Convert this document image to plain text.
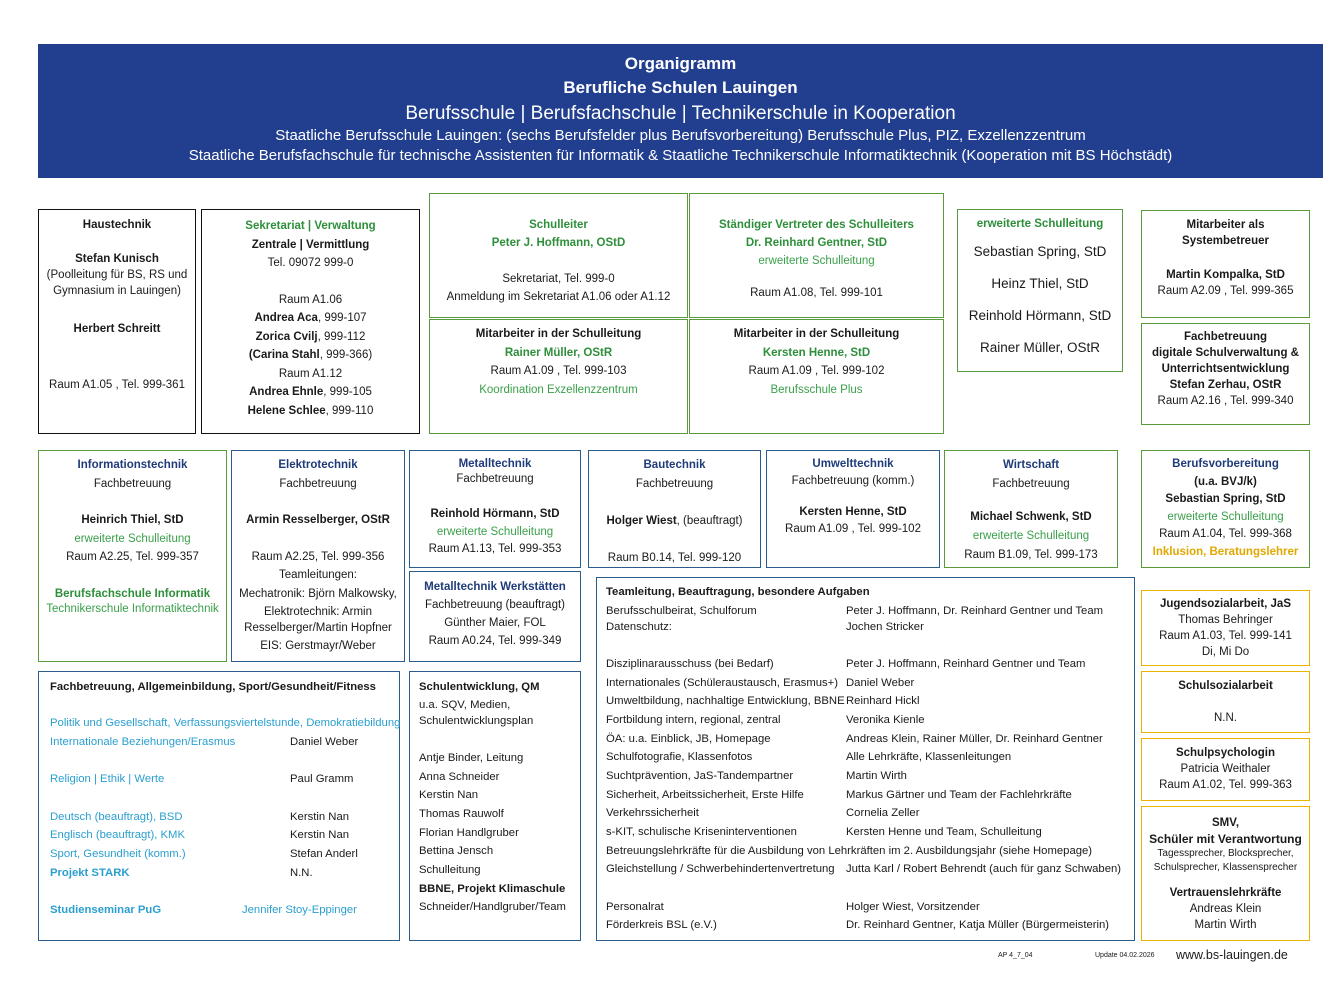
Organigramm
Berufliche Schulen Lauingen
Berufsschule | Berufsfachschule | Technikerschule in Kooperation
Staatliche Berufsschule Lauingen: (sechs Berufsfelder plus Berufsvorbereitung) Berufsschule Plus, PIZ, Exzellenzzentrum
Staatliche Berufsfachschule für technische Assistenten für Informatik & Staatliche Technikerschule Informatiktechnik (Kooperation mit BS Höchstädt)
Haustechnik
Stefan Kunisch
(Poolleitung für BS, RS und
Gymnasium in Lauingen)
Herbert Schreitt
Raum A1.05 , Tel. 999-361
Sekretariat | Verwaltung
Zentrale | Vermittlung
Tel. 09072 999-0
Raum A1.06
Andrea Aca, 999-107
Zorica Cvilj, 999-112
(Carina Stahl, 999-366)
Raum A1.12
Andrea Ehnle, 999-105
Helene Schlee, 999-110
Schulleiter
Peter J. Hoffmann, OStD
Sekretariat, Tel. 999-0
Anmeldung im Sekretariat A1.06 oder A1.12
Ständiger Vertreter des Schulleiters
Dr. Reinhard Gentner, StD
erweiterte Schulleitung
Raum A1.08, Tel. 999-101
Mitarbeiter in der Schulleitung
Rainer Müller, OStR
Raum A1.09 , Tel. 999-103
Koordination Exzellenzzentrum
Mitarbeiter in der Schulleitung
Kersten Henne, StD
Raum A1.09 , Tel. 999-102
Berufsschule Plus
erweiterte Schulleitung
Sebastian Spring, StD
Heinz Thiel, StD
Reinhold Hörmann, StD
Rainer Müller, OStR
Mitarbeiter als
Systembetreuer
Martin Kompalka, StD
Raum A2.09 , Tel. 999-365
Fachbetreuung
digitale Schulverwaltung &
Unterrichtsentwicklung
Stefan Zerhau, OStR
Raum A2.16 , Tel. 999-340
Informationstechnik
Fachbetreuung
Heinrich Thiel, StD
erweiterte Schulleitung
Raum A2.25, Tel. 999-357
Berufsfachschule Informatik
Technikerschule Informatiktechnik
Elektrotechnik
Fachbetreuung
Armin Resselberger, OStR
Raum A2.25, Tel. 999-356
Teamleitungen:
Mechatronik: Björn Malkowsky,
Elektrotechnik: Armin
Resselberger/Martin Hopfner
EIS: Gerstmayr/Weber
Metalltechnik
Fachbetreuung
Reinhold Hörmann, StD
erweiterte Schulleitung
Raum A1.13, Tel. 999-353
Metalltechnik Werkstätten
Fachbetreuung (beauftragt)
Günther Maier, FOL
Raum A0.24, Tel. 999-349
Bautechnik
Fachbetreuung
Holger Wiest, (beauftragt)
Raum B0.14, Tel. 999-120
Umwelttechnik
Fachbetreuung (komm.)
Kersten Henne, StD
Raum A1.09 , Tel. 999-102
Wirtschaft
Fachbetreuung
Michael Schwenk, StD
erweiterte Schulleitung
Raum B1.09, Tel. 999-173
Berufsvorbereitung
(u.a. BVJ/k)
Sebastian Spring, StD
erweiterte Schulleitung
Raum A1.04, Tel. 999-368
Inklusion, Beratungslehrer
Fachbetreuung, Allgemeinbildung, Sport/Gesundheit/Fitness
Politik und Gesellschaft, Verfassungsviertelstunde, Demokratiebildung
Internationale Beziehungen/Erasmus	Daniel Weber
Religion | Ethik | Werte	Paul Gramm
Deutsch (beauftragt), BSD	Kerstin Nan
Englisch (beauftragt), KMK	Kerstin Nan
Sport, Gesundheit (komm.)	Stefan Anderl
Projekt STARK	N.N.
Studienseminar PuG	Jennifer Stoy-Eppinger
Schulentwicklung, QM
u.a. SQV, Medien,
Schulentwicklungsplan
Antje Binder, Leitung
Anna Schneider
Kerstin Nan
Thomas Rauwolf
Florian Handlgruber
Bettina Jensch
Schulleitung
BBNE, Projekt Klimaschule
Schneider/Handlgruber/Team
Teamleitung, Beauftragung, besondere Aufgaben
Berufsschulbeirat, Schulforum	Peter J. Hoffmann, Dr. Reinhard Gentner und Team
Datenschutz:	Jochen Stricker
Disziplinarausschuss (bei Bedarf)	Peter J. Hoffmann, Reinhard Gentner und Team
Internationales (Schüleraustausch, Erasmus+) Daniel Weber
Umweltbildung, nachhaltige Entwicklung, BBNE Reinhard Hickl
Fortbildung intern, regional, zentral	Veronika Kienle
ÖA: u.a. Einblick, JB, Homepage	Andreas Klein, Rainer Müller, Dr. Reinhard Gentner
Schulfotografie, Klassenfotos	Alle Lehrkräfte, Klassenleitungen
Suchtprävention, JaS-Tandempartner	Martin Wirth
Sicherheit, Arbeitssicherheit, Erste Hilfe	Markus Gärtner und Team der Fachlehrkräfte
Verkehrssicherheit	Cornelia Zeller
s-KIT, schulische Kriseninterventionen	Kersten Henne und Team, Schulleitung
Betreuungslehrkräfte für die Ausbildung von Lehrkräften im 2. Ausbildungsjahr (siehe Homepage)
Gleichstellung / Schwerbehindertenvertretung Jutta Karl / Robert Behrendt (auch für ganz Schwaben)
Personalrat	Holger Wiest, Vorsitzender
Förderkreis BSL (e.V.)	Dr. Reinhard Gentner, Katja Müller (Bürgermeisterin)
Jugendsozialarbeit, JaS
Thomas Behringer
Raum A1.03, Tel. 999-141
Di, Mi Do
Schulsozialarbeit
N.N.
Schulpsychologin
Patricia Weithaler
Raum A1.02, Tel. 999-363
SMV,
Schüler mit Verantwortung
Tagessprecher, Blocksprecher,
Schulsprecher, Klassensprecher
Vertrauenslehrkräfte
Andreas Klein
Martin Wirth
AP 4_7_04	Update 04.02.2026 www.bs-lauingen.de
